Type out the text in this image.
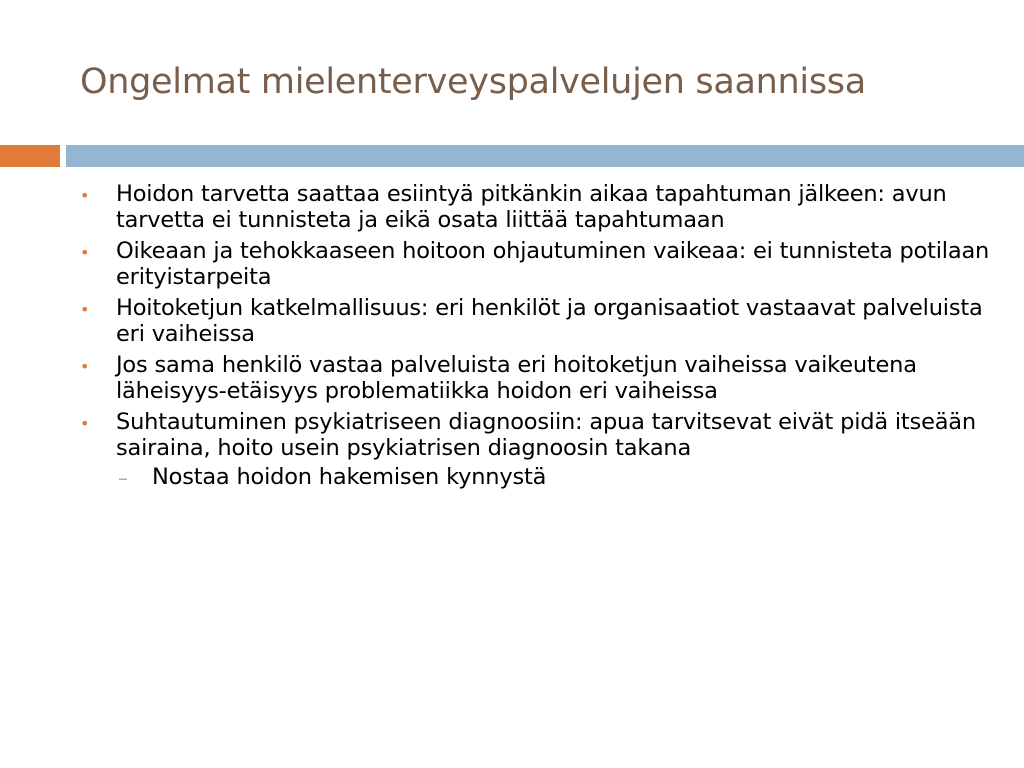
Ongelmat mielenterveyspalvelujen saannissa
• Hoidon tarvetta saattaa esiintyä pitkänkin aikaa tapahtuman jälkeen: avun tarvetta ei tunnisteta ja eikä osata liittää tapahtumaan
• Oikeaan ja tehokkaaseen hoitoon ohjautuminen vaikeaa: ei tunnisteta potilaan erityistarpeita
• Hoitoketjun katkelmallisuus: eri henkilöt ja organisaatiot vastaavat palveluista eri vaiheissa
• Jos sama henkilö vastaa palveluista eri hoitoketjun vaiheissa vaikeutena läheisyys-etäisyys problematiikka hoidon eri vaiheissa
• Suhtautuminen psykiatriseen diagnoosiin: apua tarvitsevat eivät pidä itseään sairaina, hoito usein psykiatrisen diagnoosin takana
– Nostaa hoidon hakemisen kynnystä
